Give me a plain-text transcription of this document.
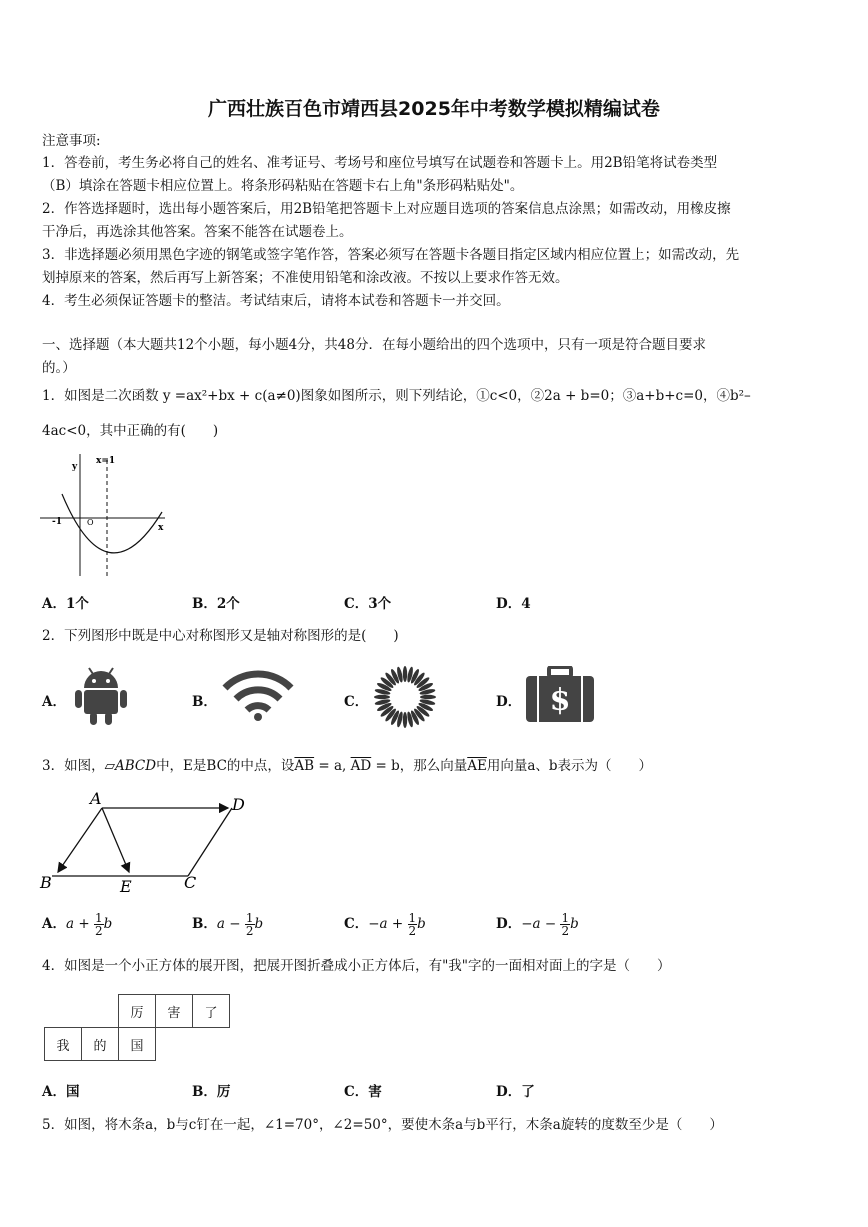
广西壮族百色市靖西县2025年中考数学模拟精编试卷
注意事项:
1．答卷前，考生务必将自己的姓名、准考证号、考场号和座位号填写在试题卷和答题卡上。用2B铅笔将试卷类型
（B）填涂在答题卡相应位置上。将条形码粘贴在答题卡右上角"条形码粘贴处"。
2．作答选择题时，选出每小题答案后，用2B铅笔把答题卡上对应题目选项的答案信息点涂黑；如需改动，用橡皮擦
干净后，再选涂其他答案。答案不能答在试题卷上。
3．非选择题必须用黑色字迹的钢笔或签字笔作答，答案必须写在答题卡各题目指定区域内相应位置上；如需改动，先
划掉原来的答案，然后再写上新答案；不准使用铅笔和涂改液。不按以上要求作答无效。
4．考生必须保证答题卡的整洁。考试结束后，请将本试卷和答题卡一并交回。
一、选择题（本大题共12个小题，每小题4分，共48分．在每小题给出的四个选项中，只有一项是符合题目要求
的。）
1．如图是二次函数 y =ax²+bx + c(a≠0)图象如图所示，则下列结论，①c<0，②2a + b=0；③a+b+c=0，④b²–
4ac<0，其中正确的有(　　)
y
x
x=1
-1	O
A．1个	B．2个	C．3个	D．4
2．下列图形中既是中心对称图形又是轴对称图形的是(　　)
A．	B．	C．	D． $
3．如图，▱ABCD中，E是BC的中点，设$\overline{AB} = a$, $\overline{AD} = b$，那么向量$\overline{AE}$用向量a、b表示为（　　）
A	D
B	E	C
A．$a + \frac{1}{2}$ b	B．$a - \frac{1}{2}$ b	C．$-a + \frac{1}{2}$ b	D．$-a - \frac{1}{2}$ b
4．如图是一个小正方体的展开图，把展开图折叠成小正方体后，有"我"字的一面相对面上的字是（　　）
		厉	害	了
我	的	国		
A．国	B．厉	C．害	D．了
5．如图，将木条a，b与c钉在一起，∠1=70°，∠2=50°，要使木条a与b平行，木条a旋转的度数至少是（　　）
